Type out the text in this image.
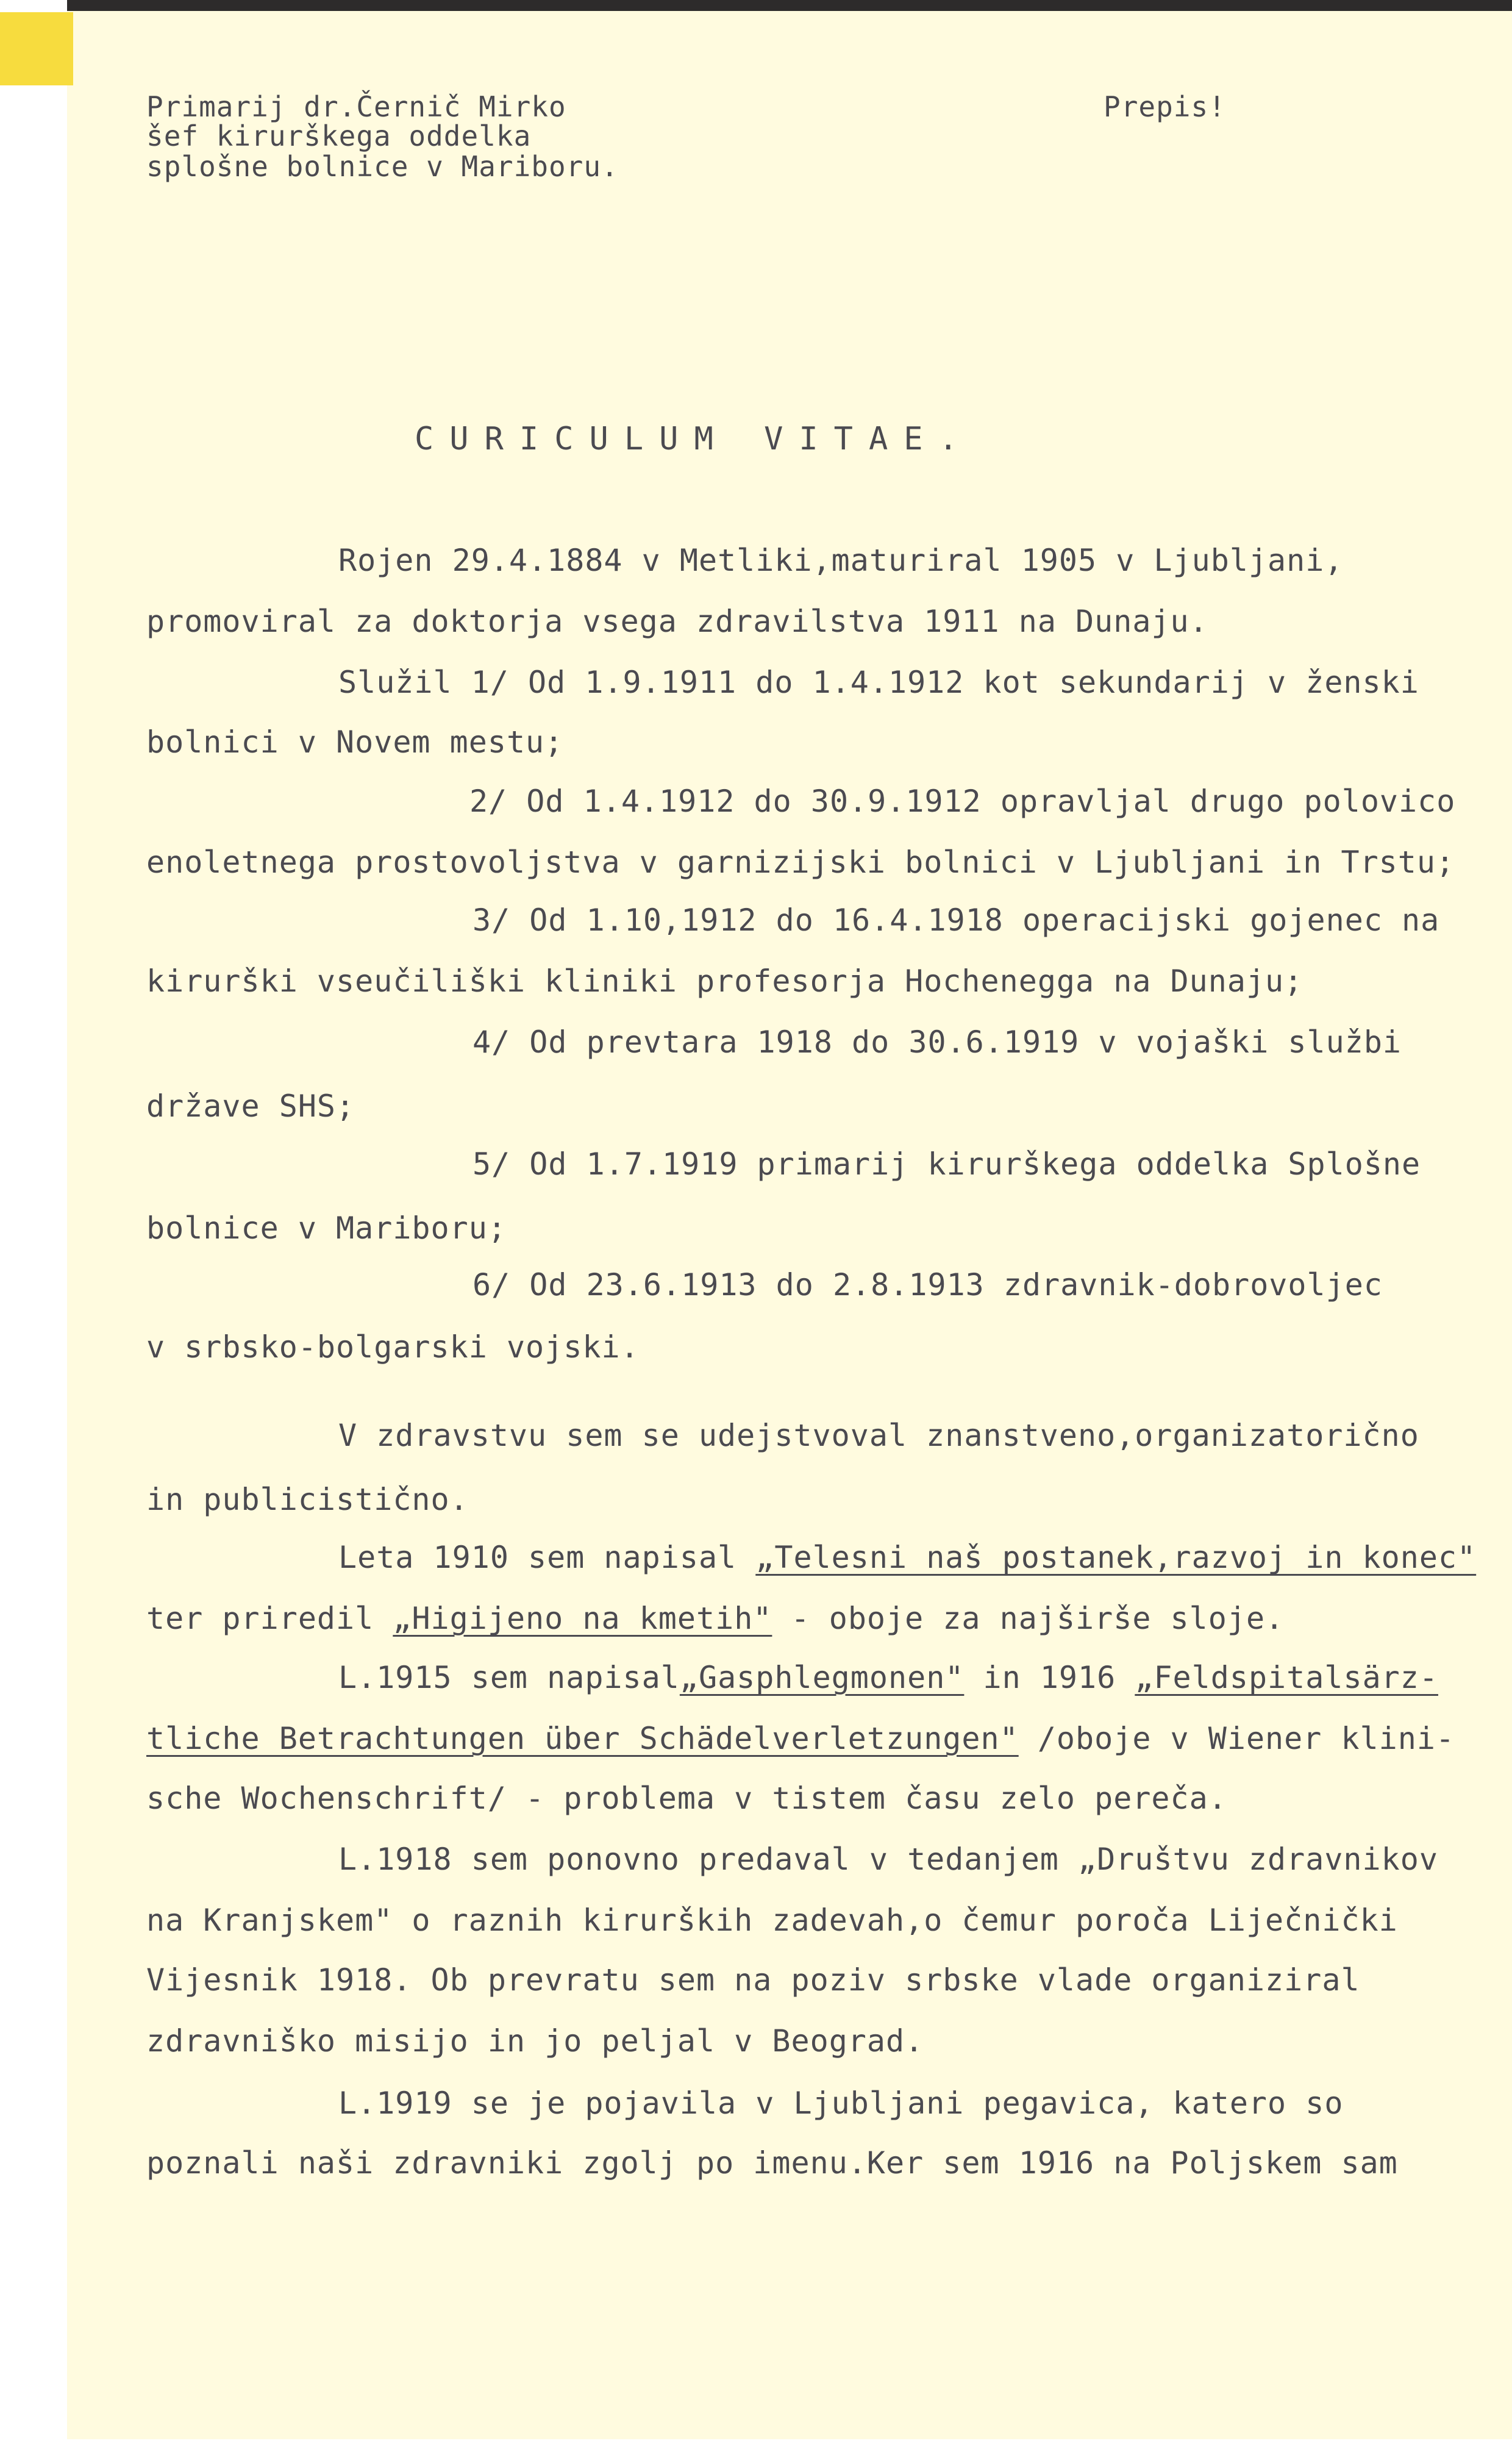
Primarij dr.Černič Mirko
šef kirurškega oddelka
splošne bolnice v Mariboru.
Prepis!
CURICULUM VITAE.
Rojen 29.4.1884 v Metliki,maturiral 1905 v Ljubljani,
promoviral za doktorja vsega zdravilstva 1911 na Dunaju.
Služil 1/ Od 1.9.1911 do 1.4.1912 kot sekundarij v ženski
bolnici v Novem mestu;
2/ Od 1.4.1912 do 30.9.1912 opravljal drugo polovico
enoletnega prostovoljstva v garnizijski bolnici v Ljubljani in Trstu;
3/ Od 1.10,1912 do 16.4.1918 operacijski gojenec na
kirurški vseučiliški kliniki profesorja Hochenegga na Dunaju;
4/ Od prevtara 1918 do 30.6.1919 v vojaški službi
države SHS;
5/ Od 1.7.1919 primarij kirurškega oddelka Splošne
bolnice v Mariboru;
6/ Od 23.6.1913 do 2.8.1913 zdravnik-dobrovoljec
v srbsko-bolgarski vojski.
V zdravstvu sem se udejstvoval znanstveno,organizatorično
in publicistično.
Leta 1910 sem napisal „Telesni naš postanek,razvoj in konec"
ter priredil „Higijeno na kmetih" - oboje za najširše sloje.
L.1915 sem napisal„Gasphlegmonen" in 1916 „Feldspitalsärz-
tliche Betrachtungen über Schädelverletzungen" /oboje v Wiener klini-
sche Wochenschrift/ - problema v tistem času zelo pereča.
L.1918 sem ponovno predaval v tedanjem „Društvu zdravnikov
na Kranjskem" o raznih kirurških zadevah,o čemur poroča Liječnički
Vijesnik 1918. Ob prevratu sem na poziv srbske vlade organiziral
zdravniško misijo in jo peljal v Beograd.
L.1919 se je pojavila v Ljubljani pegavica, katero so
poznali naši zdravniki zgolj po imenu.Ker sem 1916 na Poljskem sam
